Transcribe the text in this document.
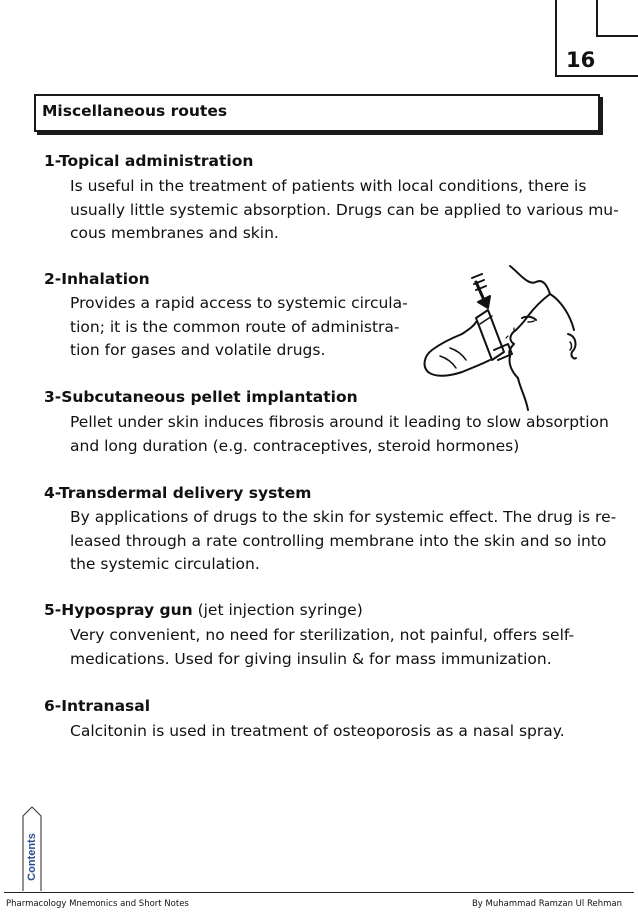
16
Miscellaneous routes
1-Topical administration
Is useful in the treatment of patients with local conditions, there is
usually little systemic absorption. Drugs can be applied to various mu-
cous membranes and skin.
2-Inhalation
Provides a rapid access to systemic circula-
tion; it is the common route of administra-
tion for gases and volatile drugs.
3-Subcutaneous pellet implantation
Pellet under skin induces fibrosis around it leading to slow absorption
and long duration (e.g. contraceptives, steroid hormones)
4-Transdermal delivery system
By applications of drugs to the skin for systemic effect. The drug is re-
leased through a rate controlling membrane into the skin and so into
the systemic circulation.
5-Hypospray gun (jet injection syringe)
Very convenient, no need for sterilization, not painful, offers self-
medications. Used for giving insulin & for mass immunization.
6-Intranasal
Calcitonin is used in treatment of osteoporosis as a nasal spray.
Contents
Pharmacology Mnemonics and Short Notes	By Muhammad Ramzan Ul Rehman
